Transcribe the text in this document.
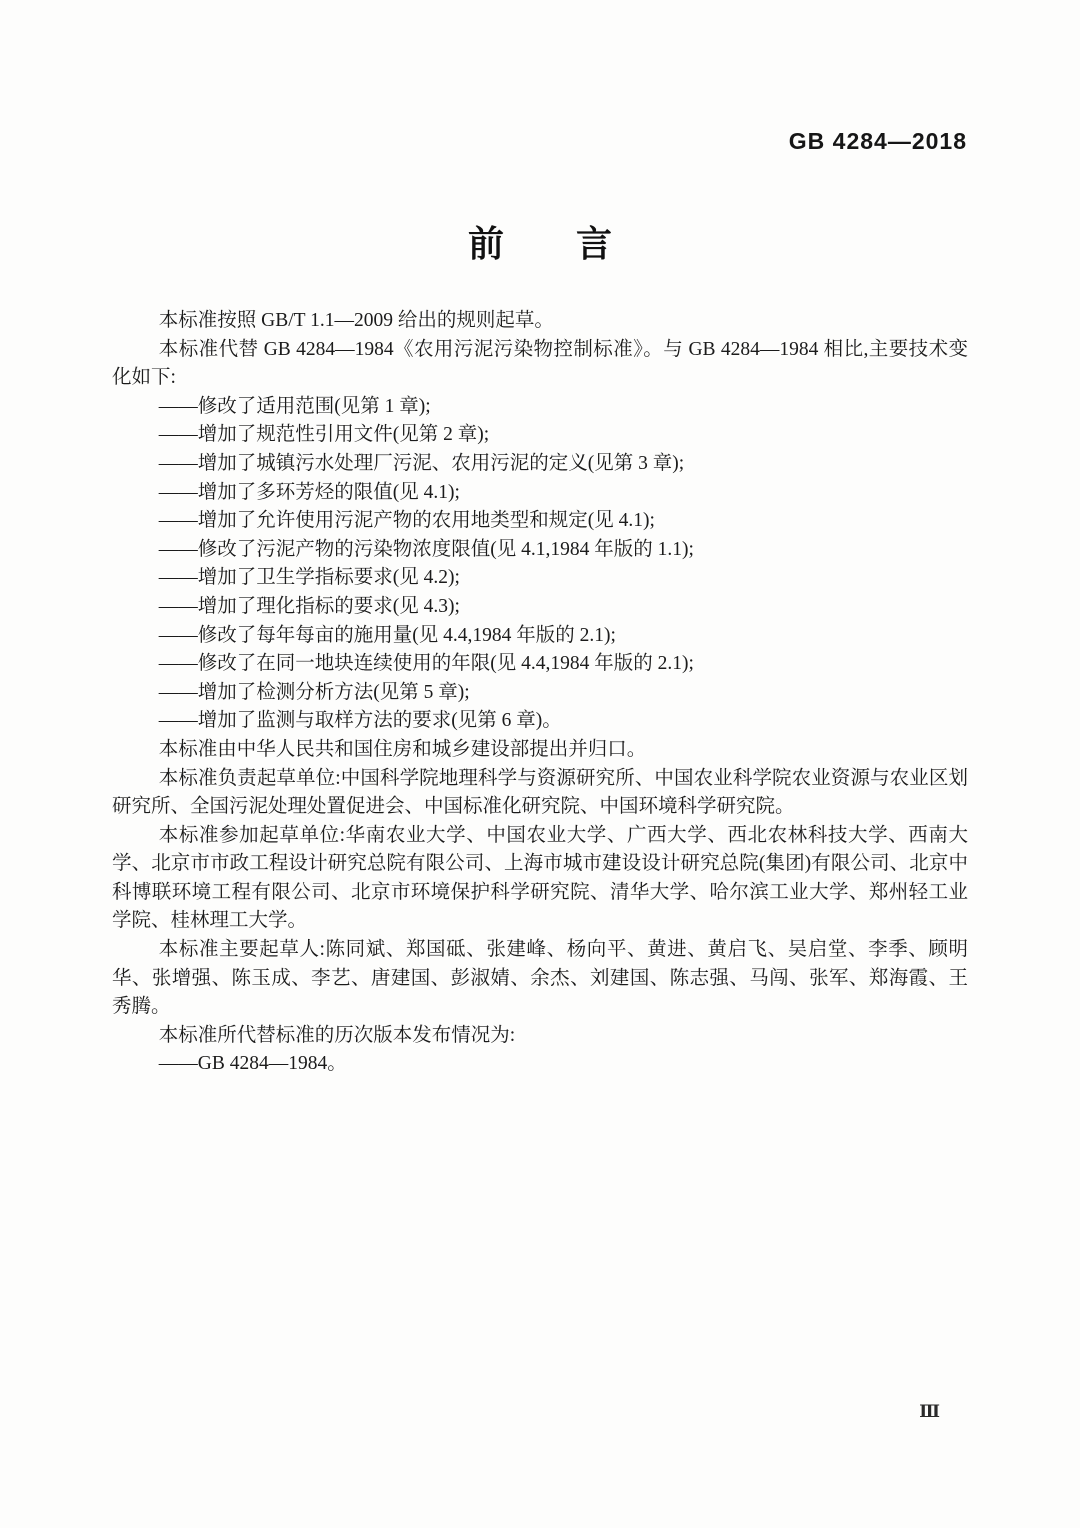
GB 4284—2018
前　　言

本标准按照 GB/T 1.1—2009 给出的规则起草。

本标准代替 GB 4284—1984《农用污泥污染物控制标准》。与 GB 4284—1984 相比,主要技术变化如下:

——修改了适用范围(见第 1 章);

——增加了规范性引用文件(见第 2 章);

——增加了城镇污水处理厂污泥、农用污泥的定义(见第 3 章);

——增加了多环芳烃的限值(见 4.1);

——增加了允许使用污泥产物的农用地类型和规定(见 4.1);

——修改了污泥产物的污染物浓度限值(见 4.1,1984 年版的 1.1);

——增加了卫生学指标要求(见 4.2);

——增加了理化指标的要求(见 4.3);

——修改了每年每亩的施用量(见 4.4,1984 年版的 2.1);

——修改了在同一地块连续使用的年限(见 4.4,1984 年版的 2.1);

——增加了检测分析方法(见第 5 章);

——增加了监测与取样方法的要求(见第 6 章)。

本标准由中华人民共和国住房和城乡建设部提出并归口。

本标准负责起草单位:中国科学院地理科学与资源研究所、中国农业科学院农业资源与农业区划研究所、全国污泥处理处置促进会、中国标准化研究院、中国环境科学研究院。

本标准参加起草单位:华南农业大学、中国农业大学、广西大学、西北农林科技大学、西南大学、北京市市政工程设计研究总院有限公司、上海市城市建设设计研究总院(集团)有限公司、北京中科博联环境工程有限公司、北京市环境保护科学研究院、清华大学、哈尔滨工业大学、郑州轻工业学院、桂林理工大学。

本标准主要起草人:陈同斌、郑国砥、张建峰、杨向平、黄进、黄启飞、吴启堂、李季、顾明华、张增强、陈玉成、李艺、唐建国、彭淑婧、余杰、刘建国、陈志强、马闯、张军、郑海霞、王秀腾。

本标准所代替标准的历次版本发布情况为:

——GB 4284—1984。

Ⅲ
